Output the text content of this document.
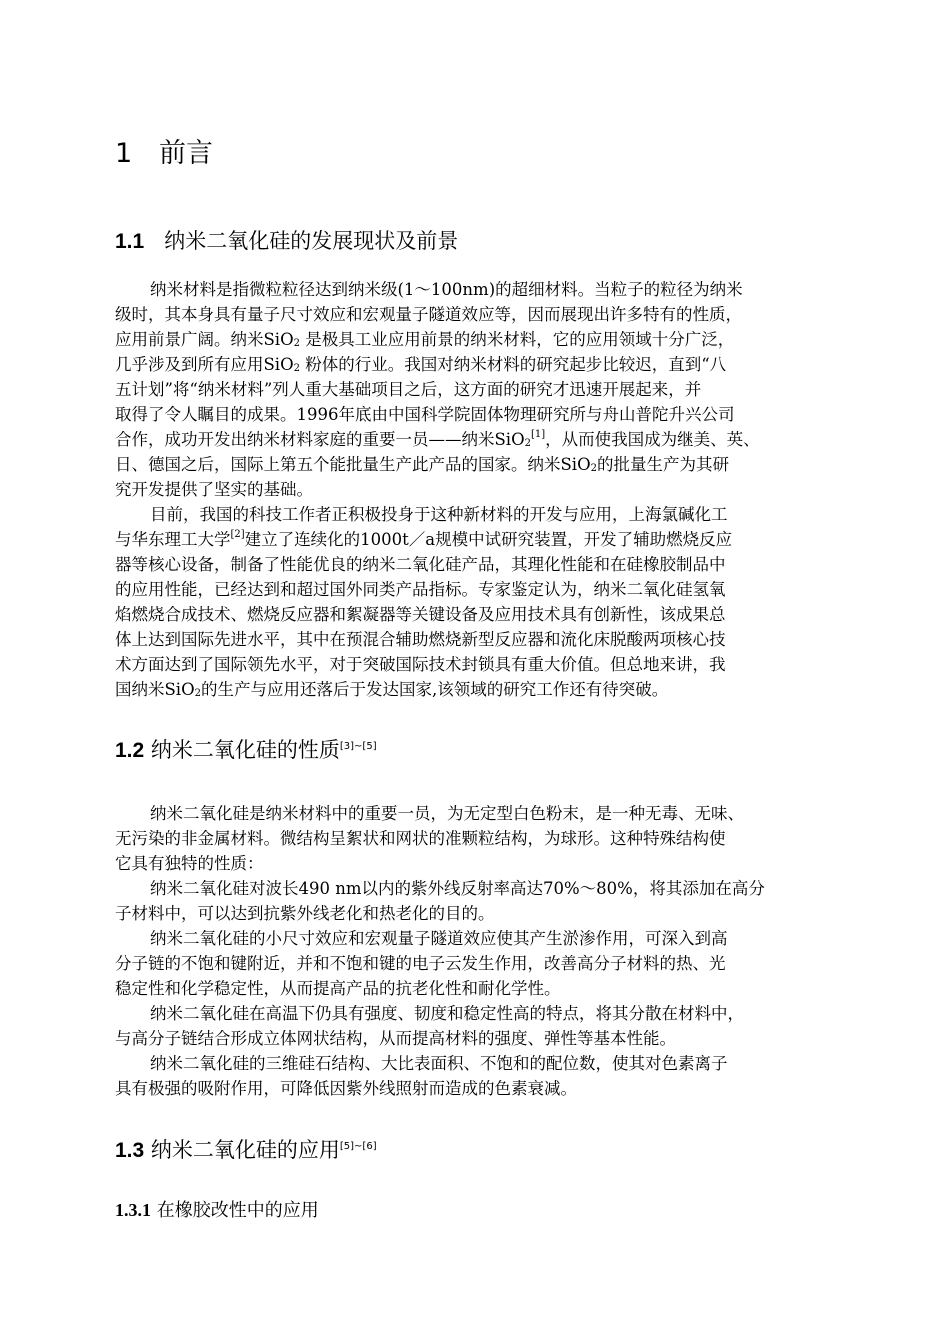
1 前言
1.1 纳米二氧化硅的发展现状及前景
纳米材料是指微粒粒径达到纳米级(1～100nm)的超细材料。当粒子的粒径为纳米
级时，其本身具有量子尺寸效应和宏观量子隧道效应等，因而展现出许多特有的性质，
应用前景广阔。纳米SiO$_2$ 是极具工业应用前景的纳米材料，它的应用领域十分广泛，
几乎涉及到所有应用SiO$_2$ 粉体的行业。我国对纳米材料的研究起步比较迟，直到“八
五计划”将“纳米材料”列人重大基础项目之后，这方面的研究才迅速开展起来，并
取得了令人瞩目的成果。1996年底由中国科学院固体物理研究所与舟山普陀升兴公司
合作，成功开发出纳米材料家庭的重要一员——纳米SiO$_2$[1]，从而使我国成为继美、英、
日、德国之后，国际上第五个能批量生产此产品的国家。纳米SiO$_2$的批量生产为其研
究开发提供了坚实的基础。
目前，我国的科技工作者正积极投身于这种新材料的开发与应用，上海氯碱化工
与华东理工大学[2]建立了连续化的1000t／a规模中试研究装置，开发了辅助燃烧反应
器等核心设备，制备了性能优良的纳米二氧化硅产品，其理化性能和在硅橡胶制品中
的应用性能，已经达到和超过国外同类产品指标。专家鉴定认为，纳米二氧化硅氢氧
焰燃烧合成技术、燃烧反应器和絮凝器等关键设备及应用技术具有创新性，该成果总
体上达到国际先进水平，其中在预混合辅助燃烧新型反应器和流化床脱酸两项核心技
术方面达到了国际领先水平，对于突破国际技术封锁具有重大价值。但总地来讲，我
国纳米SiO$_2$的生产与应用还落后于发达国家,该领域的研究工作还有待突破。
1.2 纳米二氧化硅的性质[3]~[5]
纳米二氧化硅是纳米材料中的重要一员，为无定型白色粉末，是一种无毒、无味、
无污染的非金属材料。微结构呈絮状和网状的准颗粒结构，为球形。这种特殊结构使
它具有独特的性质：
纳米二氧化硅对波长490 nm以内的紫外线反射率高达70%～80%，将其添加在高分
子材料中，可以达到抗紫外线老化和热老化的目的。
纳米二氧化硅的小尺寸效应和宏观量子隧道效应使其产生淤渗作用，可深入到高
分子链的不饱和键附近，并和不饱和键的电子云发生作用，改善高分子材料的热、光
稳定性和化学稳定性，从而提高产品的抗老化性和耐化学性。
纳米二氧化硅在高温下仍具有强度、韧度和稳定性高的特点，将其分散在材料中，
与高分子链结合形成立体网状结构，从而提高材料的强度、弹性等基本性能。
纳米二氧化硅的三维硅石结构、大比表面积、不饱和的配位数，使其对色素离子
具有极强的吸附作用，可降低因紫外线照射而造成的色素衰减。
1.3 纳米二氧化硅的应用[5]~[6]
1.3.1 在橡胶改性中的应用
